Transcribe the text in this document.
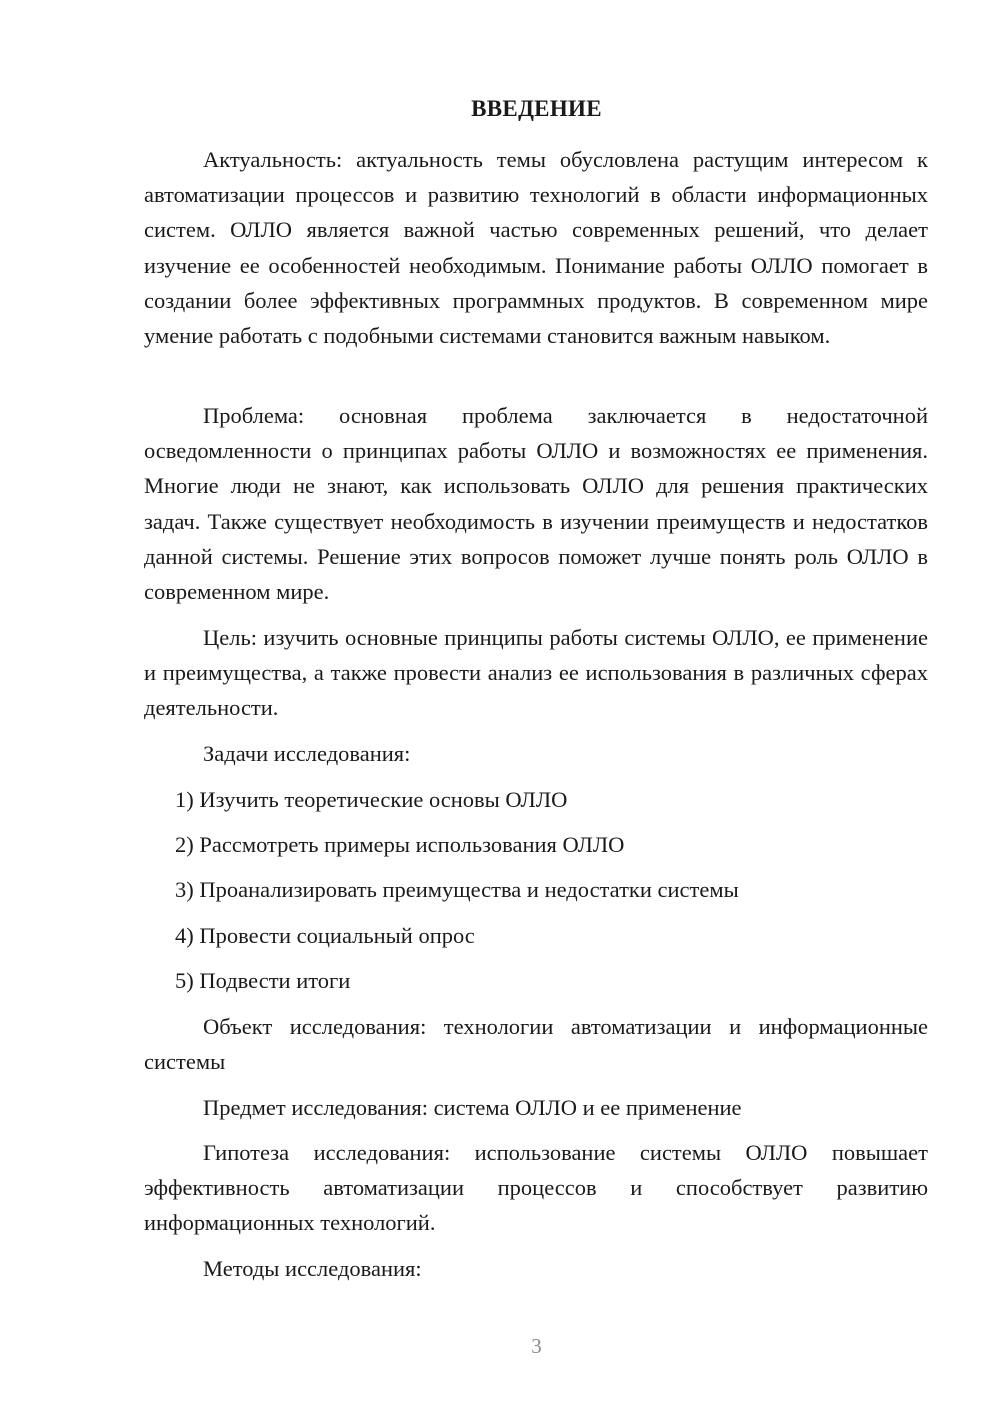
ВВЕДЕНИЕ

Актуальность: актуальность темы обусловлена растущим интересом к автоматизации процессов и развитию технологий в области информационных систем. ОЛЛО является важной частью современных решений, что делает изучение ее особенностей необходимым. Понимание работы ОЛЛО помогает в создании более эффективных программных продуктов. В современном мире умение работать с подобными системами становится важным навыком.

Проблема: основная проблема заключается в недостаточной осведомленности о принципах работы ОЛЛО и возможностях ее применения. Многие люди не знают, как использовать ОЛЛО для решения практических задач. Также существует необходимость в изучении преимуществ и недостатков данной системы. Решение этих вопросов поможет лучше понять роль ОЛЛО в современном мире.

Цель: изучить основные принципы работы системы ОЛЛО, ее применение и преимущества, а также провести анализ ее использования в различных сферах деятельности.

Задачи исследования:

1) Изучить теоретические основы ОЛЛО

2) Рассмотреть примеры использования ОЛЛО

3) Проанализировать преимущества и недостатки системы

4) Провести социальный опрос

5) Подвести итоги

Объект исследования: технологии автоматизации и информационные системы

Предмет исследования: система ОЛЛО и ее применение

Гипотеза исследования: использование системы ОЛЛО повышает эффективность автоматизации процессов и способствует развитию информационных технологий.

Методы исследования:

3
